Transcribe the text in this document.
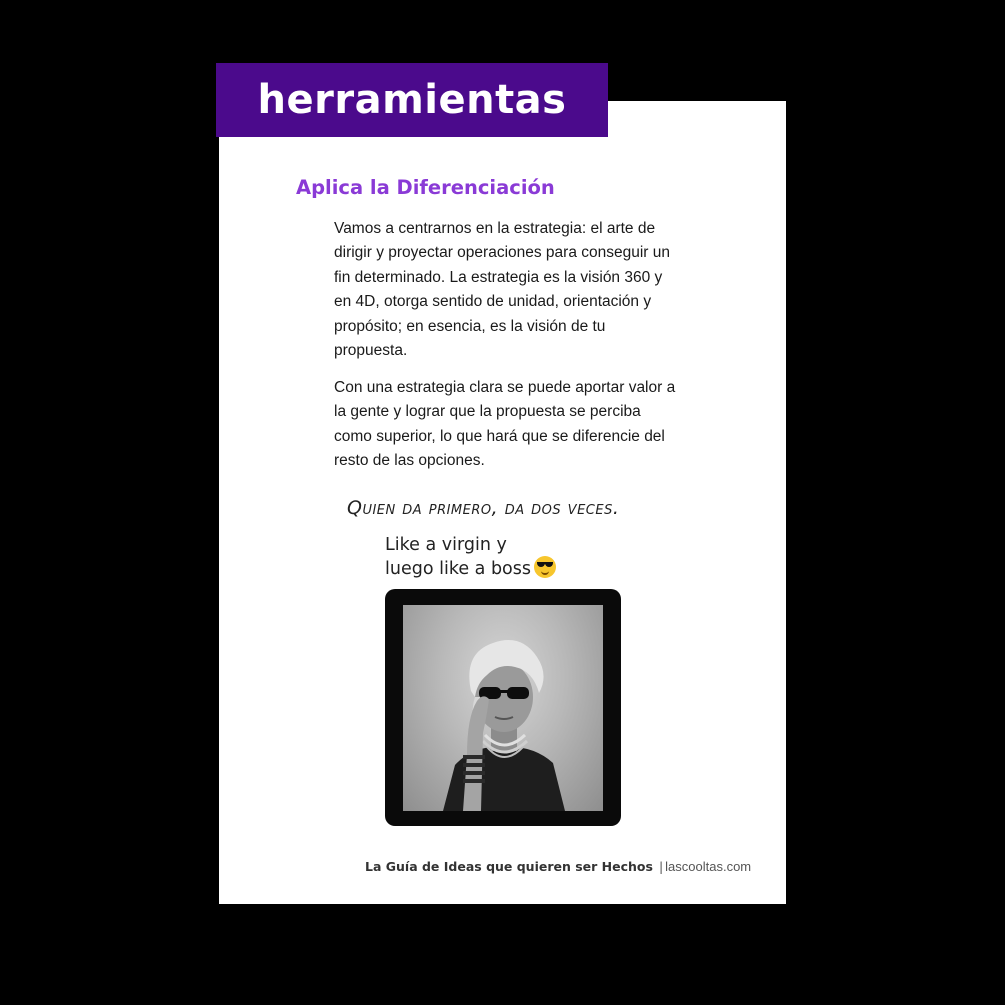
herramientas
Aplica la Diferenciación

Vamos a centrarnos en la estrategia: el arte de dirigir y proyectar operaciones para conseguir un fin determinado. La estrategia es la visión 360 y en 4D, otorga sentido de unidad, orientación y propósito; en esencia, es la visión de tu propuesta.

Con una estrategia clara se puede aportar valor a la gente y lograr que la propuesta se perciba como superior, lo que hará que se diferencie del resto de las opciones.

Quien da primero, da dos veces.
Like a virgin y
luego like a boss
La Guía de Ideas que quieren ser Hechos | lascooltas.com
